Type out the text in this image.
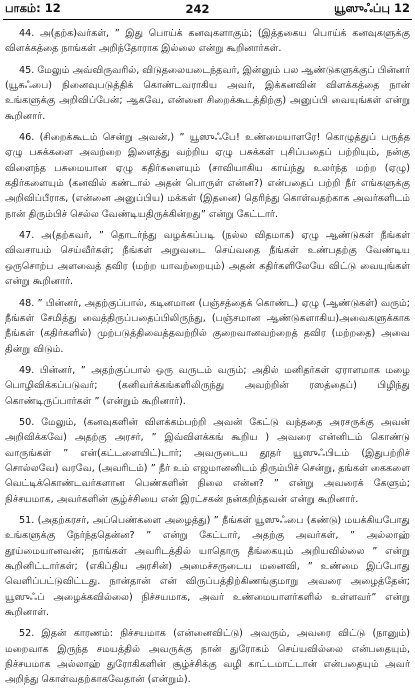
பாகம்: 12	242	யூஸுஃப்பு 12

44. அ(தற்க)வர்கள், ” இது பொய்க் கனவுகளாகும்; (இத்தகைய பொய்க் கனவுகளுக்கு விளக்கத்தை நாங்கள் அறிந்தோராக இல்லை என்று கூறினார்கள்.

45. மேலும் அவ்விருவரில், விடுதலையடைந்தவர், இன்னும் பல ஆண்டுகளுக்குப் பின்னர் (யூசுஃபை) நினைவுபடுத்திக் கொண்டவராகிய அவர், இக்கனவின் விளக்கத்தை நான் உங்களுக்கு அறிவிப்பேன்; ஆகவே, என்னை சிறைக்கூடத்திற்கு) அனுப்பி வையுங்கள் என்று கூறினார்.

46. (சிறைக்கூடம் சென்று அவன்,) ” யூஸுஃபே! உண்மையாளரே! கொழுத்துப் பருத்த ஏழு பசுக்களை அவற்றை இளைத்து வற்றிய ஏழு பசுக்கள் புசிப்பதைப் பற்றியும், நன்கு விளைந்த பசுமையான ஏழு கதிர்களையும் (சாவியாகிய காய்ந்து உலர்ந்த மற்ற (ஏழு) கதிர்களையும் (கனவில் கண்டால் அதன் பொருள் என்ன?) என்பதைப் பற்றி நீர் எங்களுக்கு அறிவிப்பீராக, (என்னை அனுப்பிய) மக்கள் (இதனை) தெரிந்து கொள்வதற்காக அவர்களிடம் நான் திரும்பிச் செல்ல வேண்டியதிருக்கின்றது” என்று கேட்டார்.

47. அ(தற்கவர், ” தொடர்ந்து வழக்கப்படி (நல்ல விதமாக) ஏழு ஆண்டுகள் நீங்கள் விவசாயம் செய்வீர்கள்; நீங்கள் அறுவடை செய்வதை நீங்கள் உண்பதற்கு வேண்டிய ஒருசொற்ப அளவைத் தவிர (மற்ற யாவற்றையும்) அதன் கதிர்களிலேயே விட்டு வையுங்கள் என்று கூறினார்.

48. ” பின்னர், அதற்குப்பால், கடினமான (பஞ்சத்தைக் கொண்ட) ஏழு (ஆண்டுகள்) வரும்; நீங்கள் சேமித்து வைத்திருப்பதைப்பிலிருந்து, (பஞ்சமான ஆண்டுகளாகிய)அவைகளுக்காக நீங்கள் (கதிர்களில்) முற்படுத்திவைத்தவற்றில் குறைவானவற்றைத் தவிர (மற்றதை) அவை தின்று விடும்.

49. பின்னர், ” அதற்குப்பால் ஒரு வருடம் வரும்; அதில் மனிதர்கள் ஏராளமாக மழை பொழிவிக்கப்படுவர்; (கனிவர்க்கங்களிலிருந்து அவற்றின் ரஸத்தைப்) பிழிந்து கொண்டிருப்பார்கள் ” (என்றும் கூறினார்).

50. மேலும், (கனவுகளின் விளக்கம்பற்றி அவன் கேட்டு வந்ததை அரசருக்கு அவன் அறிவிக்கவே) அதற்கு அரசர், ” இவ்விளக்கங் கூறிய ) அவரை என்னிடம் கொண்டு வாருங்கள் ” என்(கட்டளையிட்)டார்; அவருடைய தூதர் யூஸுஃபிடம் (இதுபற்றிச் சொல்லவே) வரவே, (அவரிடம்) ” நீர் உம் எஜமானனிடம் திரும்பிச் சென்று, தங்கள் கைகளை வெட்டிக்கொண்டவர்களான பெண்களின் நிலை என்ன? ” என்று அவரைக் கேளும்; நிச்சயமாக, அவர்களின் சூழ்ச்சியை என் இரட்சகன் நன்கறிந்தவன் என்று கூறினார்.

51. (அதற்கரசர், அப்பெண்களை அழைத்து) ” நீங்கள் யூஸுஃபை (கண்டு) மயக்கியபோது உங்களுக்கு நேர்ந்ததென்ன? ” என்று கேட்டார், அதற்கு அவர்கள், ” அல்லாஹ் தூய்மையானவன்; நாங்கள் அவரிடத்தில் யாதொரு தீங்கையும் அறியவில்லை ” என்று கூறினிட்டார்கள்; (எகிப்திய அரசின்) அமைச்சருடைய மனைவி, ” உண்மை இப்போது வெளிப்பட்டுவிட்டது. நான்தான் என் விருப்பத்திற்கிணங்குமாறு அவரை அழைத்தேன்; யூஸுஃப் அழைக்கவில்லை) நிச்சயமாக, அவர் உண்மையாளர்களில் உள்ளவர்” என்று கூறினாள்.

52. இதன் காரணம்: நிச்சயமாக (என்னைவிட்டு) அவரும், அவரை விட்டு (நானும்) மறைவாக இருந்த சமயத்தில் அவருக்கு நான் துரோகம் செய்யவில்லை என்பதையும், நிச்சயமாக அல்லாஹ் துரோகிகளின் சூழ்ச்சிக்கு வழி காட்டமாட்டான் என்பதையும் அவர் அறிந்து கொள்வதற்காகவேதான் (என்றும்).
